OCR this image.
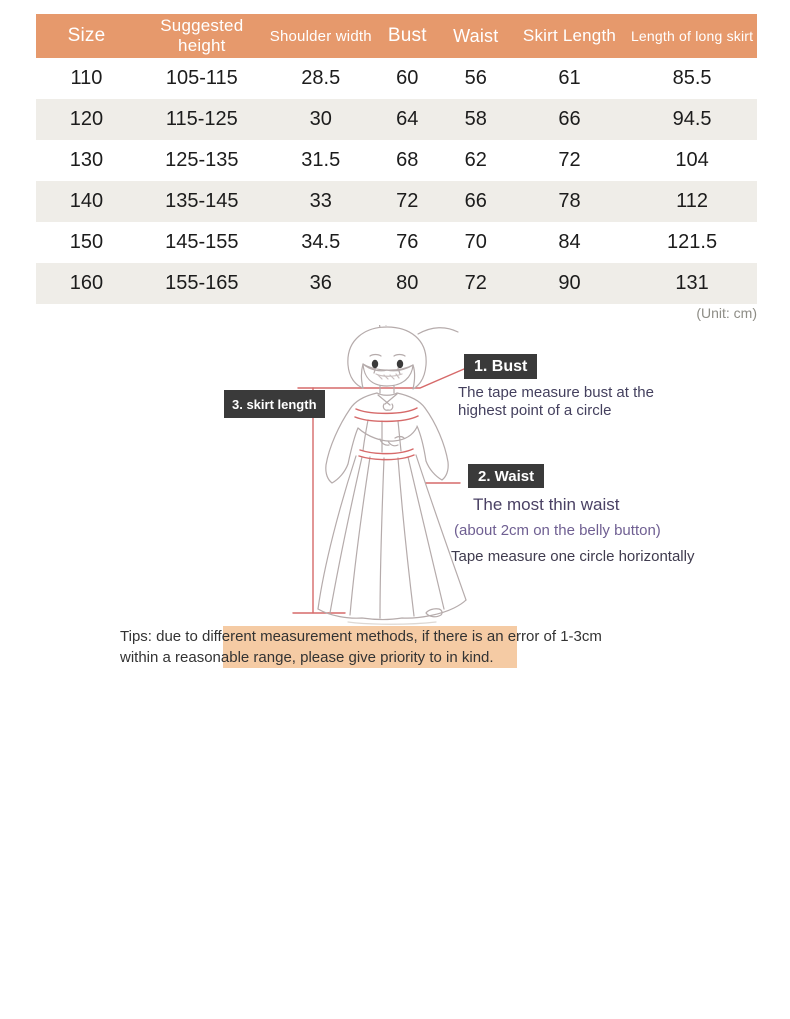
Size	Suggested height	Shoulder width	Bust	Waist	Skirt Length	Length of long skirt
110	105-115	28.5	60	56	61	85.5
120	115-125	30	64	58	66	94.5
130	125-135	31.5	68	62	72	104
140	135-145	33	72	66	78	112
150	145-155	34.5	76	70	84	121.5
160	155-165	36	80	72	90	131
(Unit: cm)
1. Bust
The tape measure bust at the
highest point of a circle
2. Waist
The most thin waist
(about 2cm on the belly button)
Tape measure one circle horizontally
3. skirt length
Tips: due to different measurement methods, if there is an error of 1-3cm
within a reasonable range, please give priority to in kind.
